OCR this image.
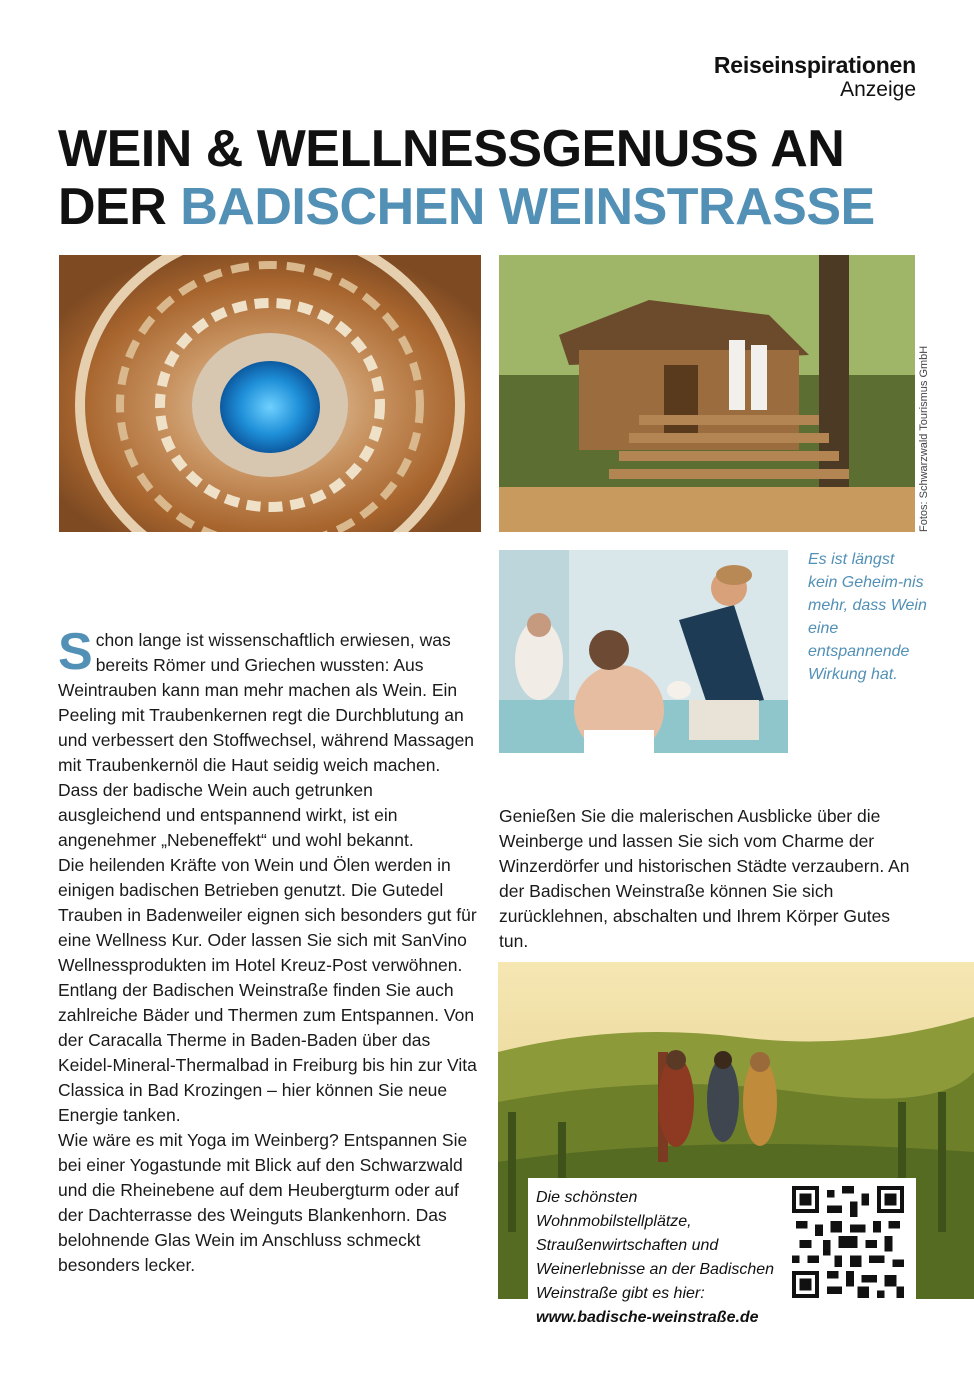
Reiseinspirationen
Anzeige
WEIN & WELLNESSGENUSS AN
DER BADISCHEN WEINSTRASSE
Fotos: Schwarzwald Tourismus GmbH
Es ist längst kein Geheim-nis mehr, dass Wein eine entspannende Wirkung hat.

Schon lange ist wissenschaftlich erwiesen, was bereits Römer und Griechen wussten: Aus Weintrauben kann man mehr machen als Wein. Ein Peeling mit Traubenkernen regt die Durchblutung an und verbessert den Stoffwechsel, während Massagen mit Traubenkernöl die Haut seidig weich machen. Dass der badische Wein auch getrunken ausgleichend und entspannend wirkt, ist ein angenehmer „Nebeneffekt“ und wohl bekannt.

Die heilenden Kräfte von Wein und Ölen werden in einigen badischen Betrieben genutzt. Die Gutedel Trauben in Badenweiler eignen sich besonders gut für eine Wellness Kur. Oder lassen Sie sich mit SanVino Wellnessprodukten im Hotel Kreuz-Post verwöhnen.

Entlang der Badischen Weinstraße finden Sie auch zahlreiche Bäder und Thermen zum Entspannen. Von der Caracalla Therme in Baden-Baden über das Keidel-Mineral-Thermalbad in Freiburg bis hin zur Vita Classica in Bad Krozingen – hier können Sie neue Energie tanken.

Wie wäre es mit Yoga im Weinberg? Entspannen Sie bei einer Yogastunde mit Blick auf den Schwarzwald und die Rheinebene auf dem Heubergturm oder auf der Dachterrasse des Weinguts Blankenhorn. Das belohnende Glas Wein im Anschluss schmeckt besonders lecker.

Genießen Sie die malerischen Ausblicke über die Weinberge und lassen Sie sich vom Charme der Winzerdörfer und historischen Städte verzaubern. An der Badischen Weinstraße können Sie sich zurücklehnen, abschalten und Ihrem Körper Gutes tun.
Die schönsten Wohnmobilstellplätze, Straußenwirtschaften und Weinerlebnisse an der Badischen Weinstraße gibt es hier:
www.badische-weinstraße.de
